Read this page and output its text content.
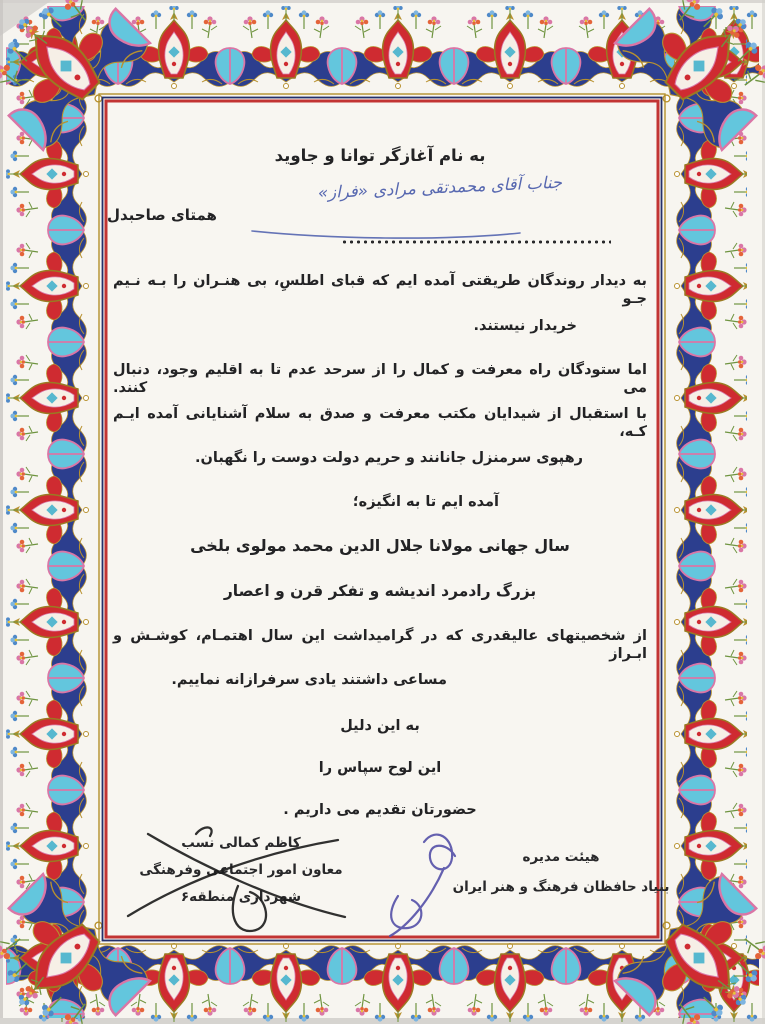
به نام آغازگر توانا و جاوید
همتای صاحبدل
جناب آقای محمدتقی مرادی «فراز»
به دیدار روندگان طریقتی آمده ایم که قبای اطلسِ، بی هنـران را بـه نـیم جـو
خریدار نیستند.
اما ستودگان راه معرفت و کمال را از سرحد عدم تا به اقلیم وجود، دنبال می کنند.
با استقبال از شیدایان مکتب معرفت و صدق به سلام آشنایانی آمده ایـم کـه،
رهپوی سرمنزل جانانند و حریم دولت دوست را نگهبان.
آمده ایم تا به انگیزه؛
سال جهانی مولانا جلال الدین محمد مولوی بلخی
بزرگ رادمرد اندیشه و تفکر قرن و اعصار
از شخصیتهای عالیقدری که در گرامیداشت این سال اهتمـام، کوشـش و ابـراز
مساعی داشتند یادی سرفرازانه نماییم.
به این دلیل
این لوح سپاس را
حضورتان تقدیم می داریم .
کاظم کمالی نسب
معاون امور اجتماعی وفرهنگی
شهرداری منطقه۶
هیئت مدیره
بنیاد حافظان فرهنگ و هنر ایران
